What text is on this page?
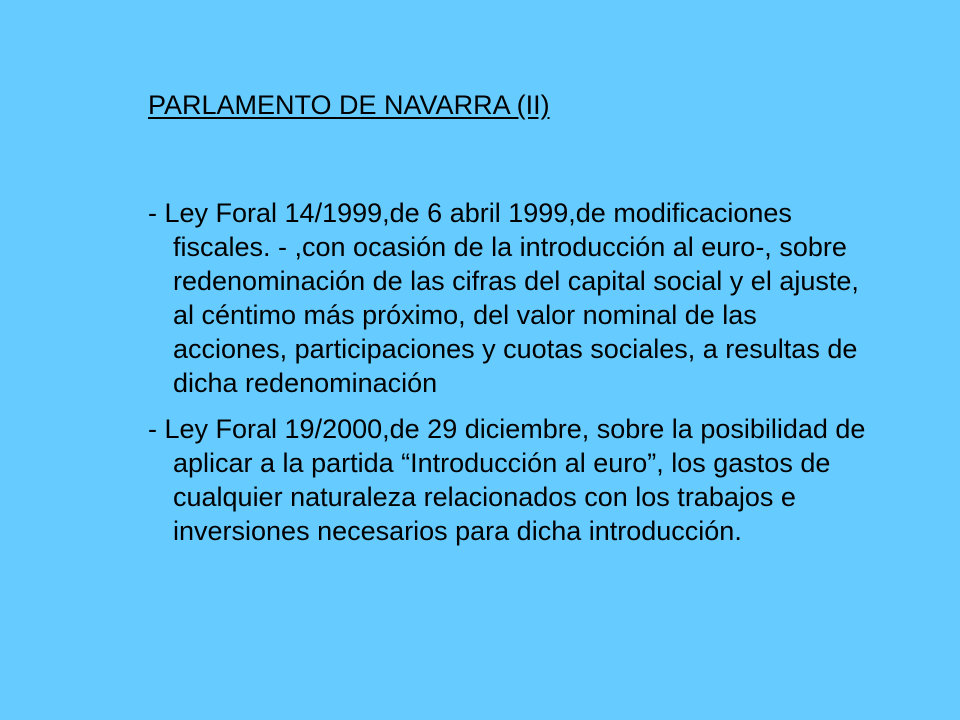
PARLAMENTO DE NAVARRA (II)

- Ley Foral 14/1999,de 6 abril 1999,de modificaciones fiscales. - ,con ocasión de la introducción al euro-, sobre redenominación de las cifras del capital social y el ajuste, al céntimo más próximo, del valor nominal de las acciones, participaciones y cuotas sociales, a resultas de dicha redenominación

- Ley Foral 19/2000,de 29 diciembre, sobre la posibilidad de aplicar a la partida “Introducción al euro”, los gastos de cualquier naturaleza relacionados con los trabajos e inversiones necesarios para dicha introducción.
